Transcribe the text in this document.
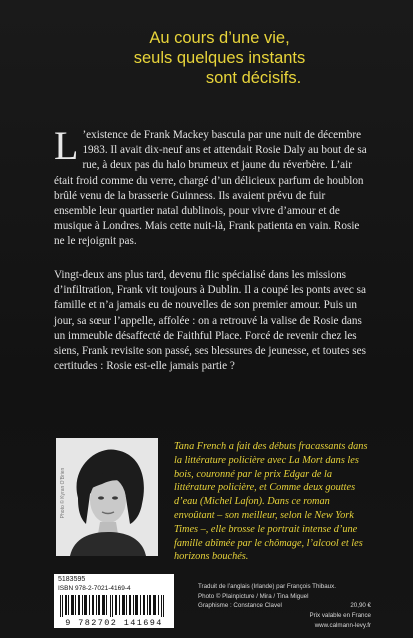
Au cours d’une vie,
seuls quelques instants
sont décisifs.
L ’existence de Frank Mackey bascula par une nuit de décembre 1983. Il avait dix-neuf ans et attendait Rosie Daly au bout de sa rue, à deux pas du halo brumeux et jaune du réverbère. L’air était froid comme du verre, chargé d’un délicieux parfum de houblon brûlé venu de la brasserie Guinness. Ils avaient prévu de fuir ensemble leur quartier natal dublinois, pour vivre d’amour et de musique à Londres. Mais cette nuit-là, Frank patienta en vain. Rosie ne le rejoignit pas.
Vingt-deux ans plus tard, devenu flic spécialisé dans les missions d’infiltration, Frank vit toujours à Dublin. Il a coupé les ponts avec sa famille et n’a jamais eu de nouvelles de son premier amour. Puis un jour, sa sœur l’appelle, affolée : on a retrouvé la valise de Rosie dans un immeuble désaffecté de Faithful Place. Forcé de revenir chez les siens, Frank revisite son passé, ses blessures de jeunesse, et toutes ses certitudes : Rosie est-elle jamais partie ?
Photo © Kyran O’Brien
Tana French a fait des débuts fracassants dans la littérature policière avec La Mort dans les bois, couronné par le prix Edgar de la littérature policière, et Comme deux gouttes d’eau (Michel Lafon). Dans ce roman envoûtant – son meilleur, selon le New York Times –, elle brosse le portrait intense d’une famille abîmée par le chômage, l’alcool et les horizons bouchés.
5183595
ISBN 978-2-7021-4169-4
9 782702 141694
Traduit de l’anglais (Irlande) par François Thibaux.
Photo © Plainpicture / Mira / Tina Miguel
Graphisme : Constance Clavel	20,90 €
Prix valable en France
www.calmann-levy.fr
